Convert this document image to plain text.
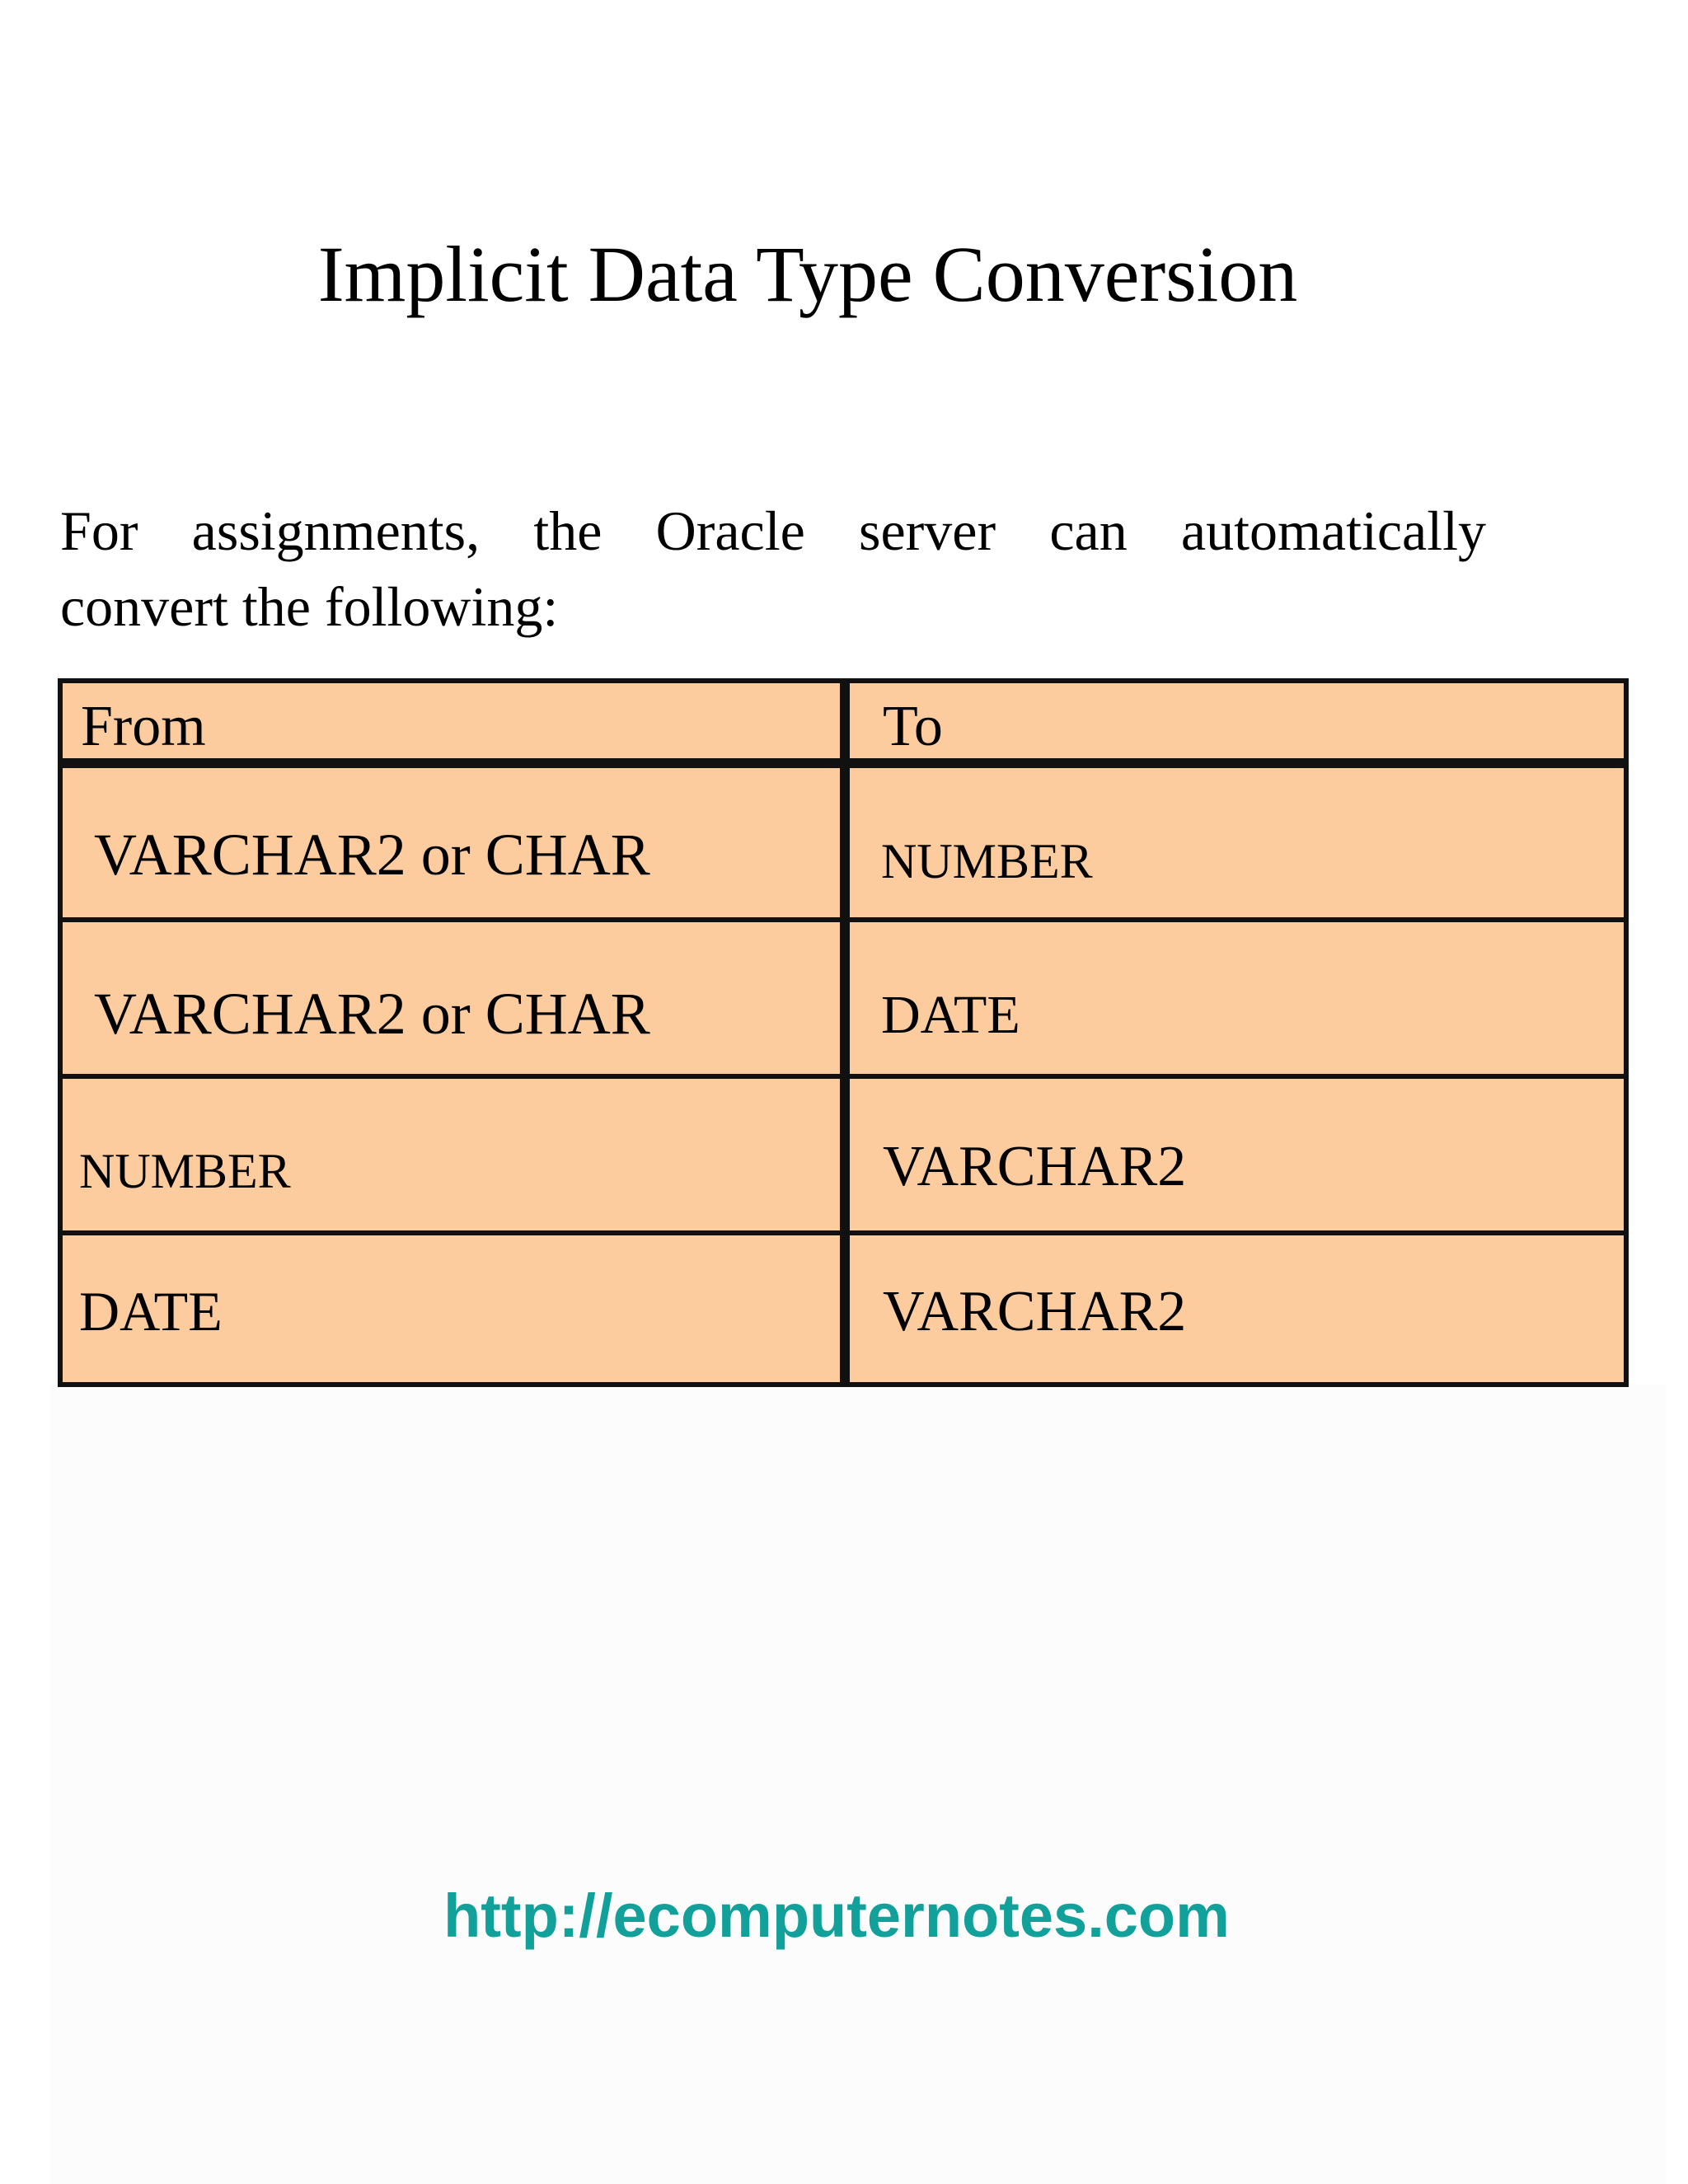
Implicit Data Type Conversion
For assignments, the Oracle server can automatically
convert the following:
From	To
VARCHAR2 or CHAR	NUMBER
VARCHAR2 or CHAR	DATE
NUMBER	VARCHAR2
DATE	VARCHAR2
http://ecomputernotes.com
